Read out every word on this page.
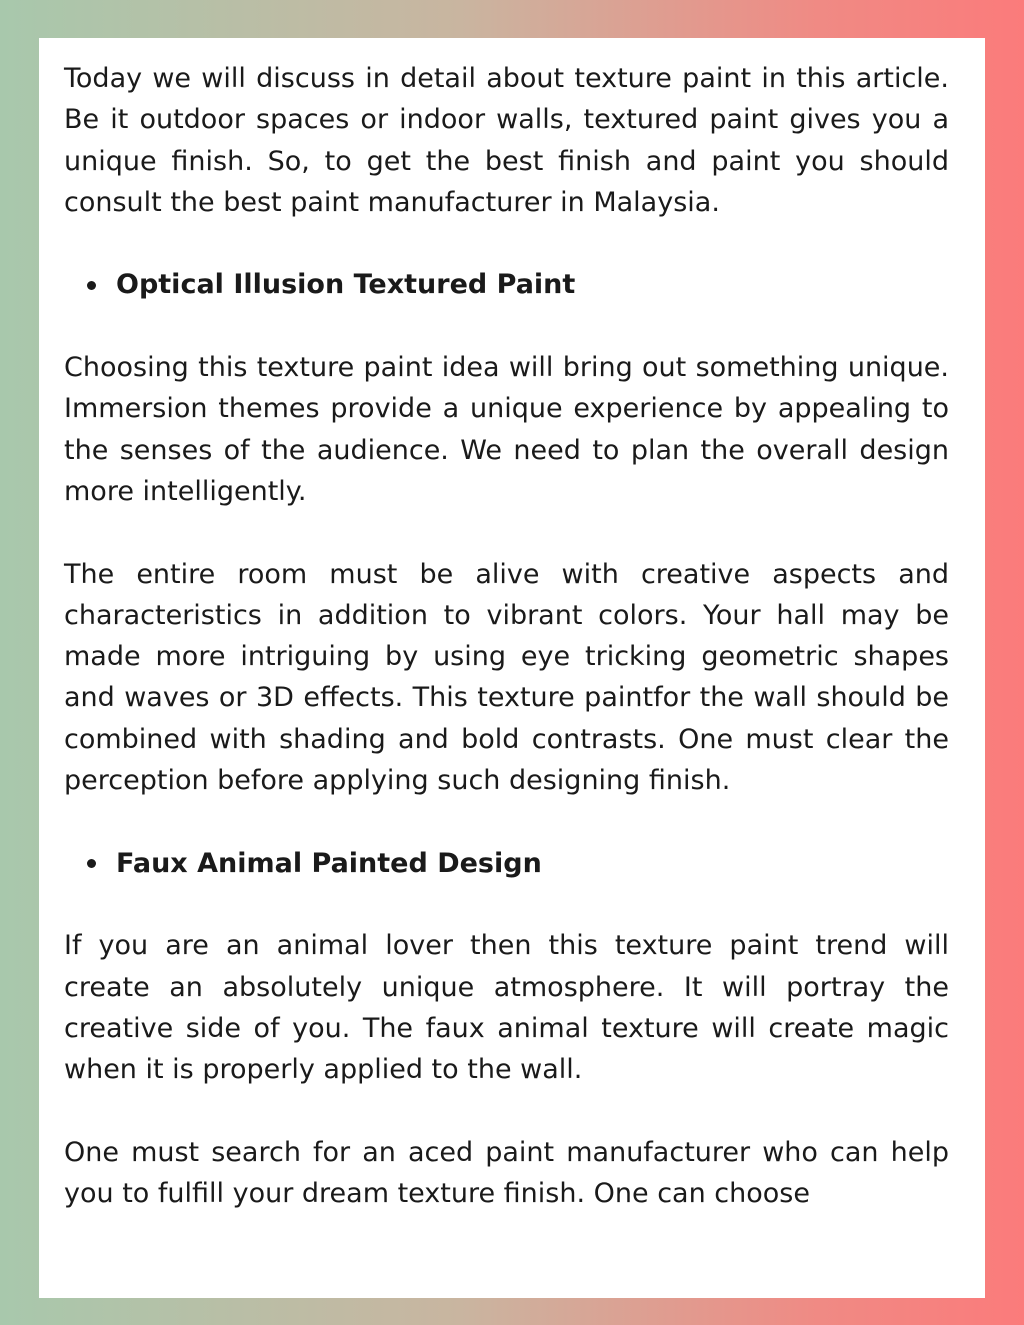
Today we will discuss in detail about texture paint in this article. Be it outdoor spaces or indoor walls, textured paint gives you a unique finish. So, to get the best finish and paint you should consult the best paint manufacturer in Malaysia.

Optical Illusion Textured Paint

Choosing this texture paint idea will bring out something unique. Immersion themes provide a unique experience by appealing to the senses of the audience. We need to plan the overall design more intelligently.

The entire room must be alive with creative aspects and characteristics in addition to vibrant colors. Your hall may be made more intriguing by using eye tricking geometric shapes and waves or 3D effects. This texture paintfor the wall should be combined with shading and bold contrasts. One must clear the perception before applying such designing finish.

Faux Animal Painted Design

If you are an animal lover then this texture paint trend will create an absolutely unique atmosphere. It will portray the creative side of you. The faux animal texture will create magic when it is properly applied to the wall.

One must search for an aced paint manufacturer who can help you to fulfill your dream texture finish. One can choose
